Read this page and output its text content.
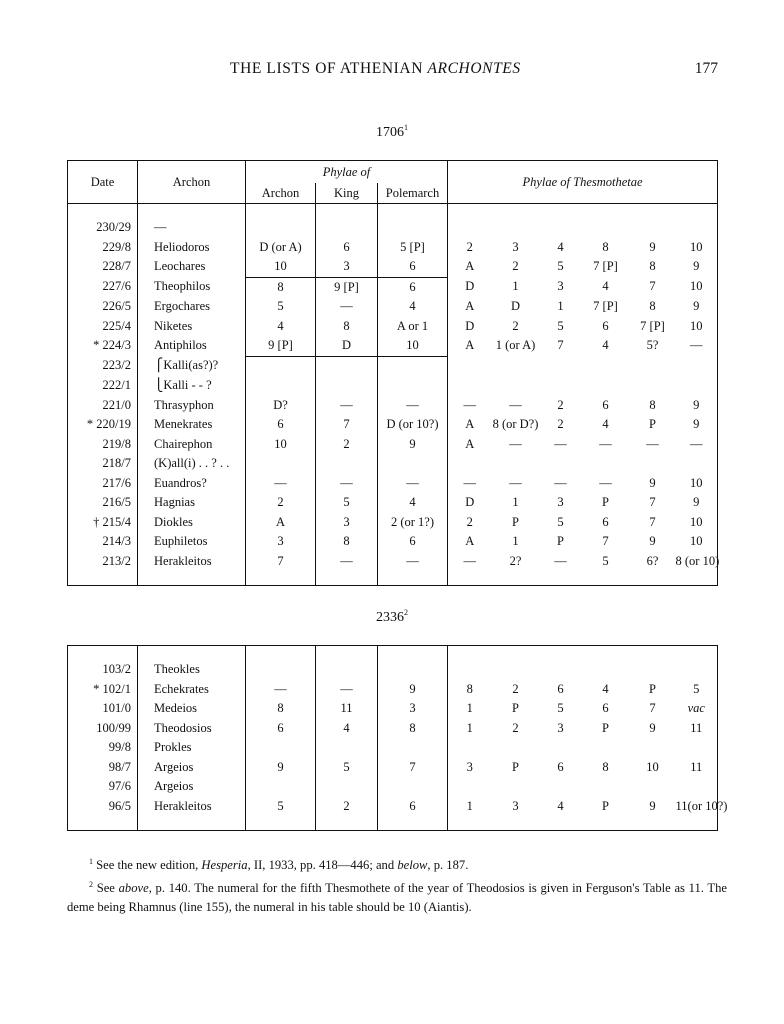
THE LISTS OF ATHENIAN ARCHONTES	177
1706$^1$
Date	Archon	Phylae of			Phylae of Thesmothetae					
		Archon	King	Polemarch						

230/29	—									
229/8	Heliodoros	D (or A)	6	5 [P]	2	3	4	8	9	10
228/7	Leochares	10	3	6	A	2	5	7 [P]	8	9
227/6	Theophilos	8	9 [P]	6	D	1	3	4	7	10
226/5	Ergochares	5	—	4	A	D	1	7 [P]	8	9
225/4	Niketes	4	8	A or 1	D	2	5	6	7 [P]	10
* 224/3	Antiphilos	9 [P]	D	10	A	1 (or A)	7	4	5?	—
223/2	⎧Kalli(as?)?									
222/1	⎩Kalli - - ?									
221/0	Thrasyphon	D?	—	—	—	—	2	6	8	9
* 220/19	Menekrates	6	7	D (or 10?)	A	8 (or D?)	2	4	P	9
219/8	Chairephon	10	2	9	A	—	—	—	—	—
218/7	(K)all(i) . . ? . .									
217/6	Euandros?	—	—	—	—	—	—	—	9	10
216/5	Hagnias	2	5	4	D	1	3	P	7	9
† 215/4	Diokles	A	3	2 (or 1?)	2	P	5	6	7	10
214/3	Euphiletos	3	8	6	A	1	P	7	9	10
213/2	Herakleitos	7	—	—	—	2?	—	5	6?	8 (or 10)

2336$^2$

103/2	Theokles									
* 102/1	Echekrates	—	—	9	8	2	6	4	P	5
101/0	Medeios	8	11	3	1	P	5	6	7	vac
100/99	Theodosios	6	4	8	1	2	3	P	9	11
99/8	Prokles									
98/7	Argeios	9	5	7	3	P	6	8	10	11
97/6	Argeios									
96/5	Herakleitos	5	2	6	1	3	4	P	9	11(or 10?)

$^1$ See the new edition, Hesperia, II, 1933, pp. 418—446; and below, p. 187.

$^2$ See above, p. 140. The numeral for the fifth Thesmothete of the year of Theodosios is given in Ferguson's Table as 11. The deme being Rhamnus (line 155), the numeral in his table should be 10 (Aiantis).
